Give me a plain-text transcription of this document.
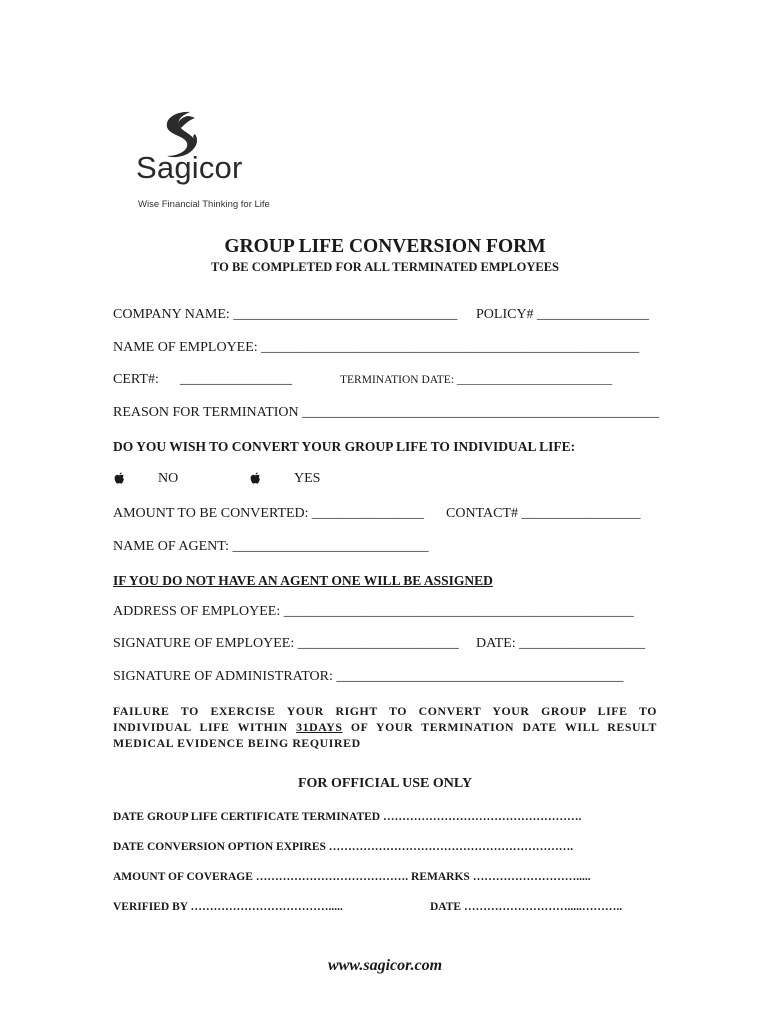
Sagicor
Wise Financial Thinking for Life
GROUP LIFE CONVERSION FORM
TO BE COMPLETED FOR ALL TERMINATED EMPLOYEES
COMPANY NAME: ________________________________ POLICY# ________________
NAME OF EMPLOYEE: ______________________________________________________
CERT#: ________________	TERMINATION DATE: ___________________________
REASON FOR TERMINATION ___________________________________________________
DO YOU WISH TO CONVERT YOUR GROUP LIFE TO INDIVIDUAL LIFE:
NO	YES
AMOUNT TO BE CONVERTED: ________________ CONTACT# _________________
NAME OF AGENT: ____________________________
IF YOU DO NOT HAVE AN AGENT ONE WILL BE ASSIGNED
ADDRESS OF EMPLOYEE: __________________________________________________
SIGNATURE OF EMPLOYEE: _______________________ DATE: __________________
SIGNATURE OF ADMINISTRATOR: _________________________________________
FAILURE TO EXERCISE YOUR RIGHT TO CONVERT YOUR GROUP LIFE TO INDIVIDUAL LIFE WITHIN 31DAYS OF YOUR TERMINATION DATE WILL RESULT MEDICAL EVIDENCE BEING REQUIRED
FOR OFFICIAL USE ONLY
DATE GROUP LIFE CERTIFICATE TERMINATED …………………………………………….
DATE CONVERSION OPTION EXPIRES ……………………………………………………….
AMOUNT OF COVERAGE …………………………………. REMARKS ……………………….....
VERIFIED BY ……………………………….....	DATE ……………………….....………..
www.sagicor.com
